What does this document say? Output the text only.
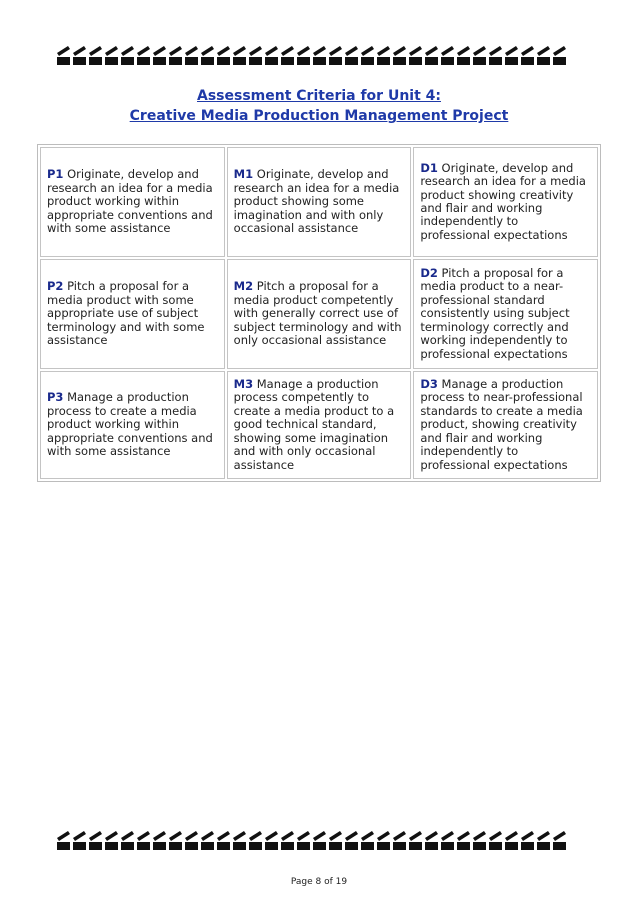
Assessment Criteria for Unit 4:
Creative Media Production Management Project
P1 Originate, develop and research an idea for a media product working within appropriate conventions and with some assistance	M1 Originate, develop and research an idea for a media product showing some imagination and with only occasional assistance	D1 Originate, develop and research an idea for a media product showing creativity and flair and working independently to professional expectations
P2 Pitch a proposal for a media product with some appropriate use of subject terminology and with some assistance	M2 Pitch a proposal for a media product competently with generally correct use of subject terminology and with only occasional assistance	D2 Pitch a proposal for a media product to a near-professional standard consistently using subject terminology correctly and working independently to professional expectations
P3 Manage a production process to create a media product working within appropriate conventions and with some assistance	M3 Manage a production process competently to create a media product to a good technical standard, showing some imagination and with only occasional assistance	D3 Manage a production process to near-professional standards to create a media product, showing creativity and flair and working independently to professional expectations
Page 8 of 19
